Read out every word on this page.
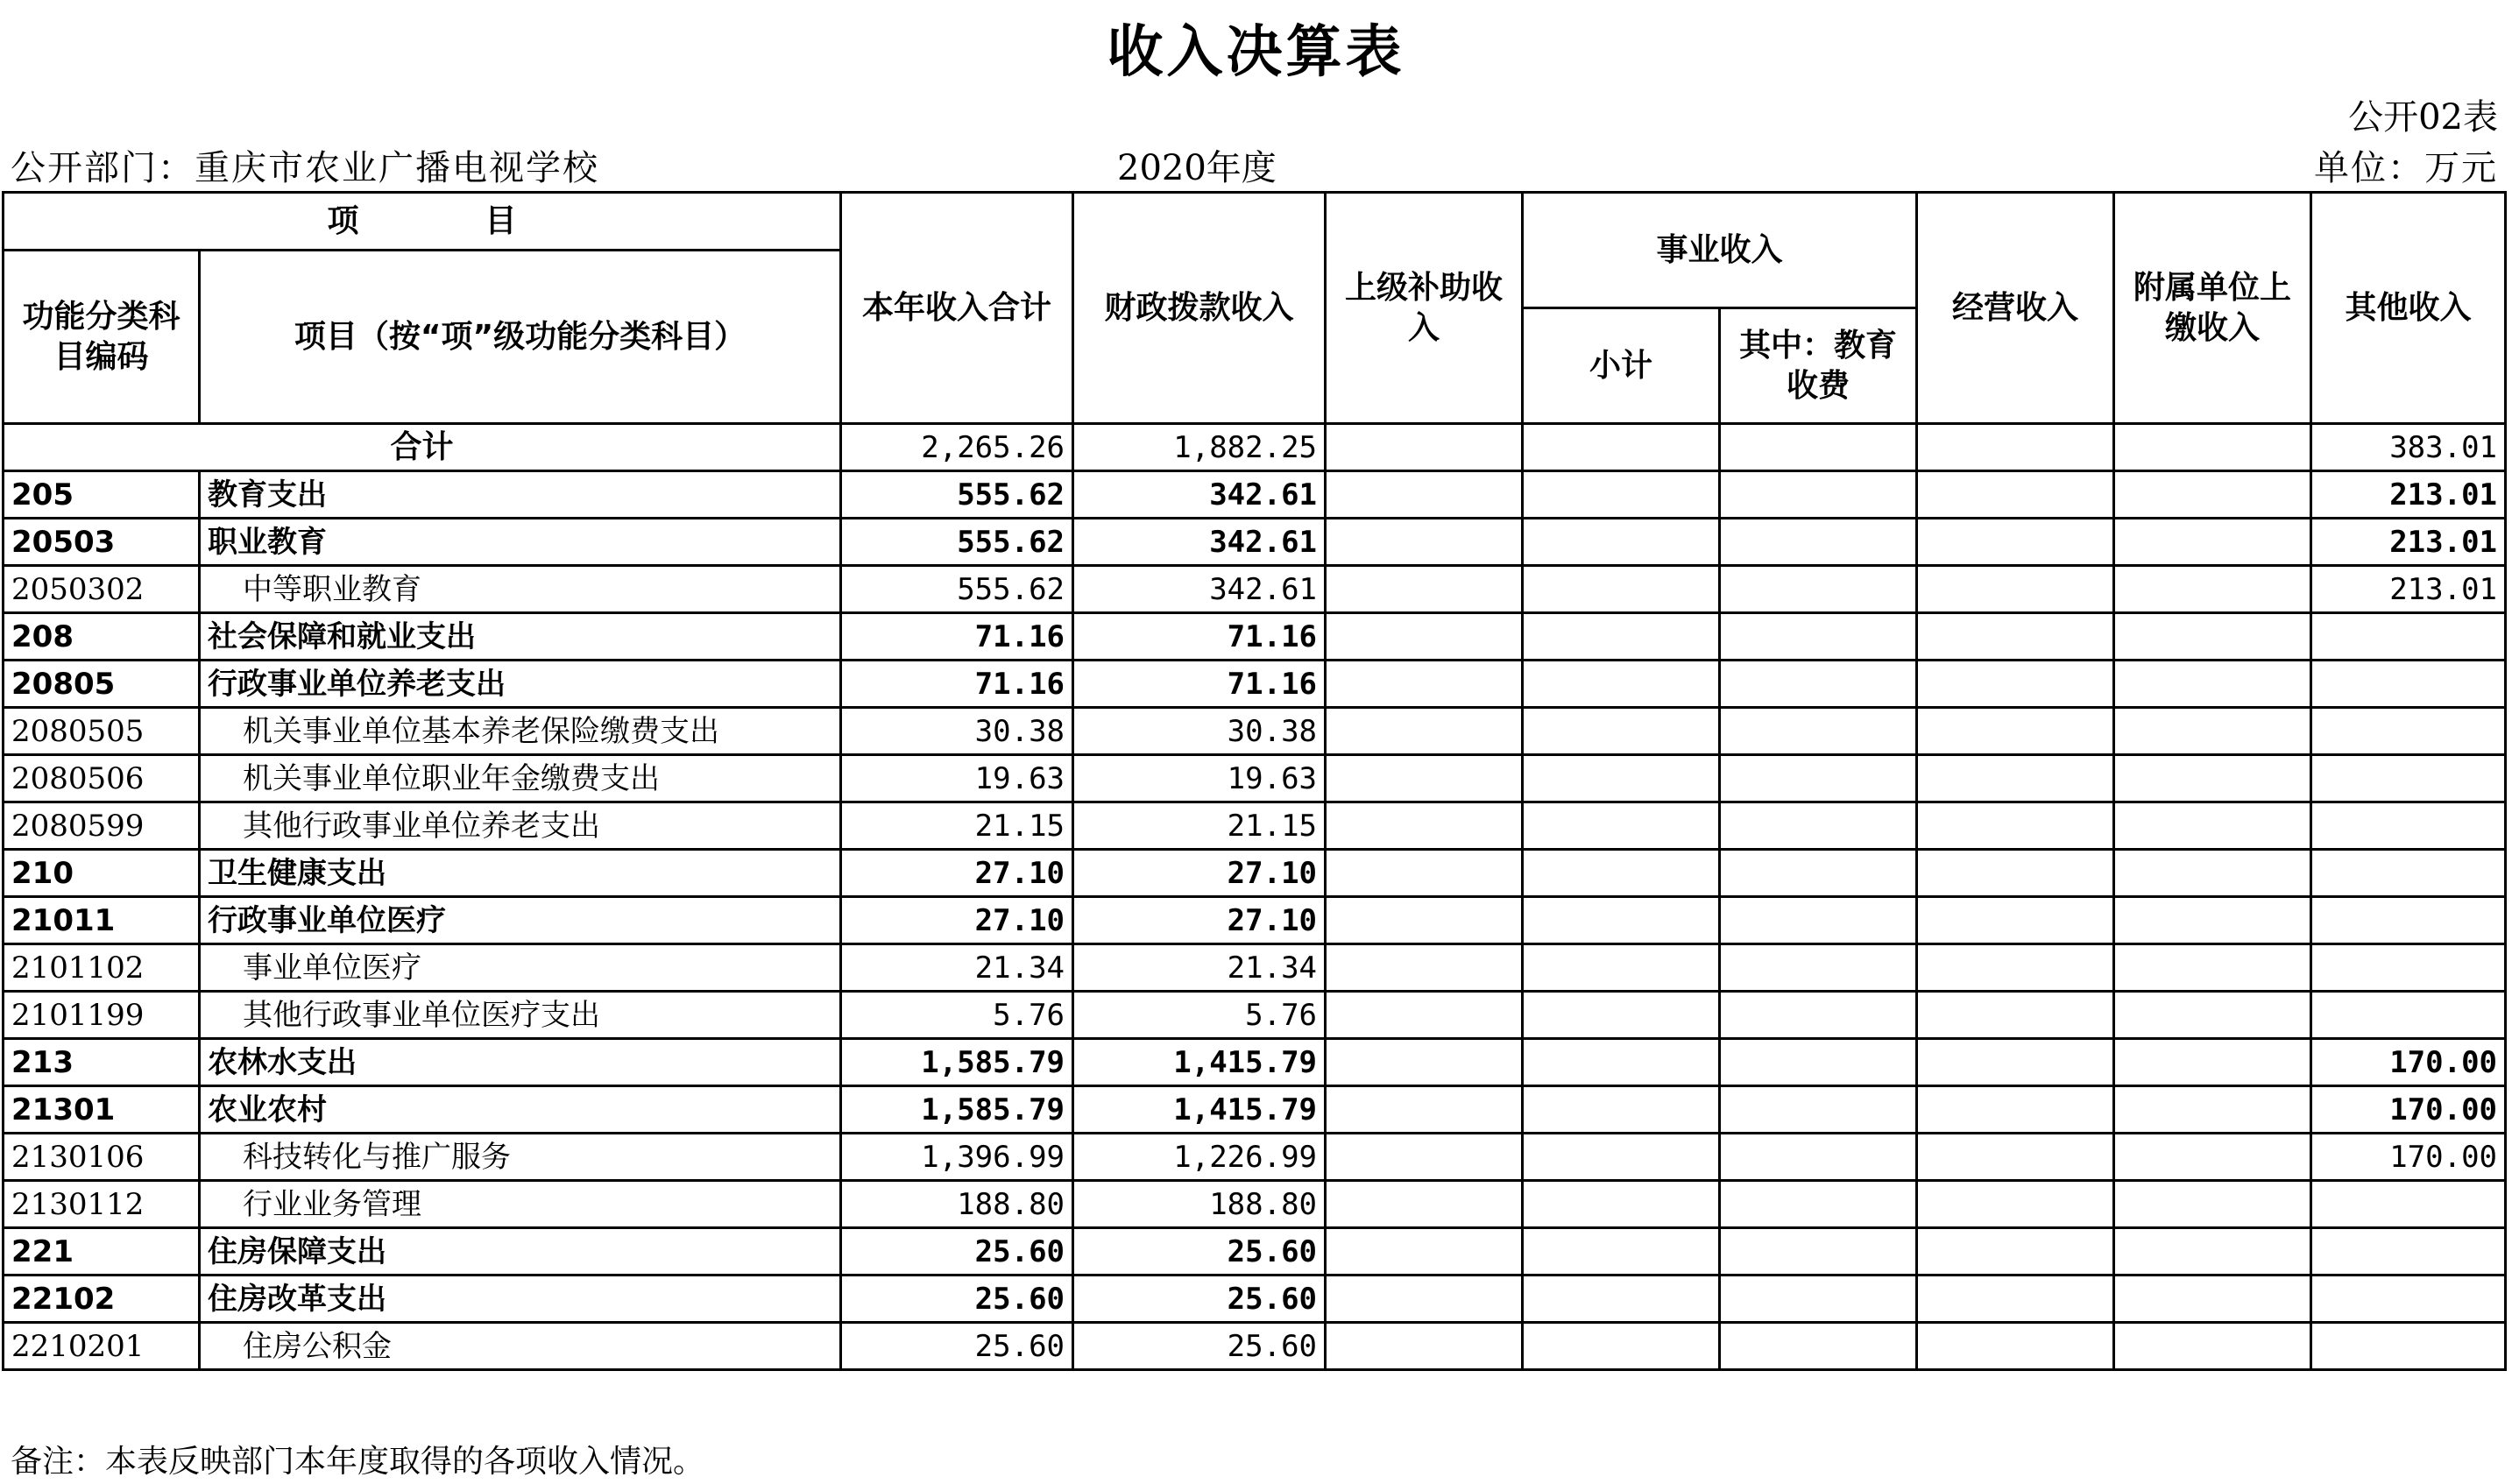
收入决算表
公开02表
公开部门：重庆市农业广播电视学校	2020年度	单位：万元
项　　　　目		本年收入合计	财政拨款收入	上级补助收入	事业收入		经营收入	附属单位上缴收入	其他收入
功能分类科目编码	项目（按“项”级功能分类科目）								
					小计	其中：教育收费			
合计		2,265.26	1,882.25						383.01
205	教育支出	555.62	342.61						213.01
20503	职业教育	555.62	342.61						213.01
2050302	中等职业教育	555.62	342.61						213.01
208	社会保障和就业支出	71.16	71.16						
20805	行政事业单位养老支出	71.16	71.16						
2080505	机关事业单位基本养老保险缴费支出	30.38	30.38						
2080506	机关事业单位职业年金缴费支出	19.63	19.63						
2080599	其他行政事业单位养老支出	21.15	21.15						
210	卫生健康支出	27.10	27.10						
21011	行政事业单位医疗	27.10	27.10						
2101102	事业单位医疗	21.34	21.34						
2101199	其他行政事业单位医疗支出	5.76	5.76						
213	农林水支出	1,585.79	1,415.79						170.00
21301	农业农村	1,585.79	1,415.79						170.00
2130106	科技转化与推广服务	1,396.99	1,226.99						170.00
2130112	行业业务管理	188.80	188.80						
221	住房保障支出	25.60	25.60						
22102	住房改革支出	25.60	25.60						
2210201	住房公积金	25.60	25.60						
备注：本表反映部门本年度取得的各项收入情况。
